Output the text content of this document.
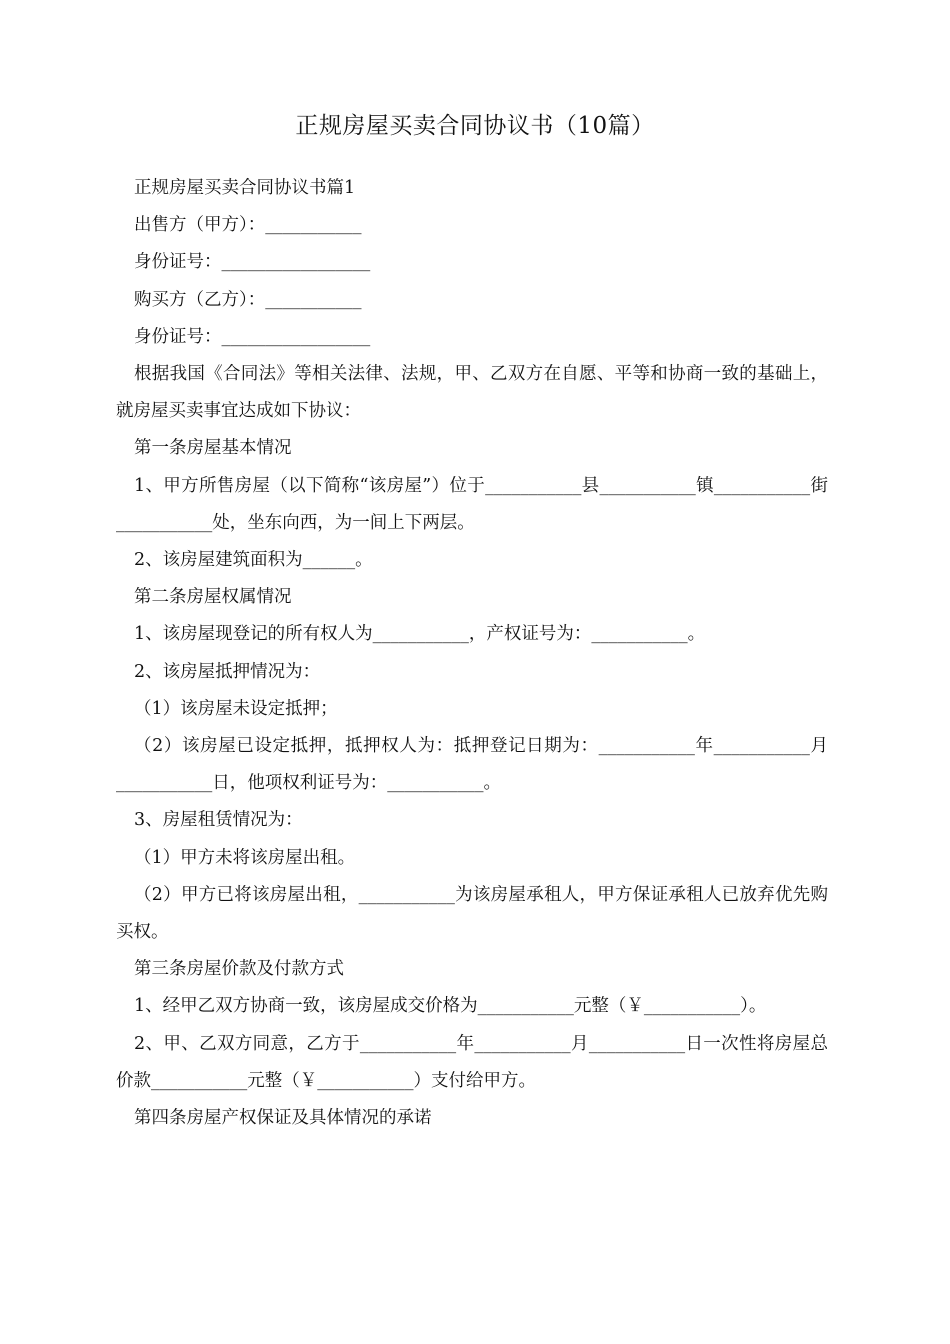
正规房屋买卖合同协议书（10篇）

正规房屋买卖合同协议书篇1

出售方（甲方）：___________

身份证号：_________________

购买方（乙方）：___________

身份证号：_________________

根据我国《合同法》等相关法律、法规，甲、乙双方在自愿、平等和协商一致的基础上，就房屋买卖事宜达成如下协议：

第一条房屋基本情况

1、甲方所售房屋（以下简称“该房屋”）位于___________县___________镇___________街___________处，坐东向西，为一间上下两层。

2、该房屋建筑面积为______。

第二条房屋权属情况

1、该房屋现登记的所有权人为___________，产权证号为：___________。

2、该房屋抵押情况为：

（1）该房屋未设定抵押；

（2）该房屋已设定抵押，抵押权人为：抵押登记日期为：___________年___________月___________日，他项权利证号为：___________。

3、房屋租赁情况为：

（1）甲方未将该房屋出租。

（2）甲方已将该房屋出租，___________为该房屋承租人，甲方保证承租人已放弃优先购买权。

第三条房屋价款及付款方式

1、经甲乙双方协商一致，该房屋成交价格为___________元整（￥___________）。

2、甲、乙双方同意，乙方于___________年___________月___________日一次性将房屋总价款___________元整（￥___________）支付给甲方。

第四条房屋产权保证及具体情况的承诺
